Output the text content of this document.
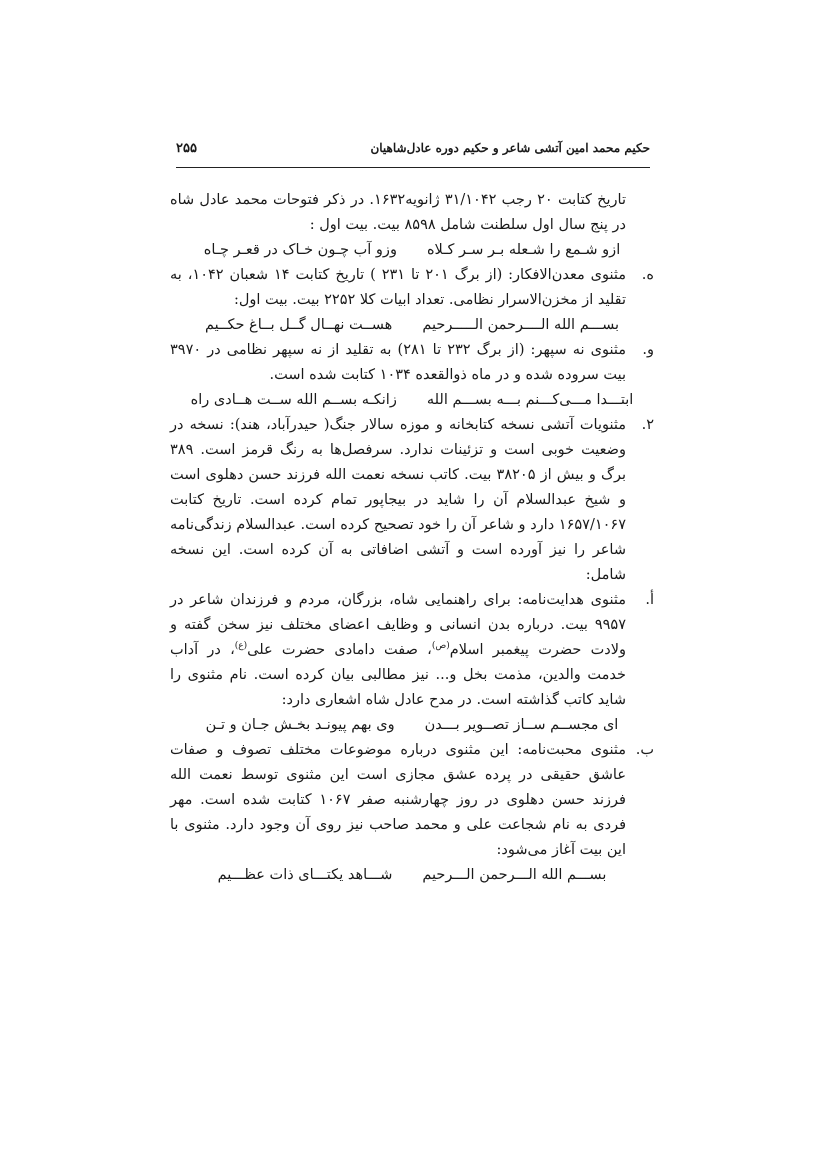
حکیم محمد امین آتشی شاعر و حکیم دوره عادل‌شاهیان
۲۵۵

تاریخ کتابت ۲۰ رجب ۳۱/۱۰۴۲ ژانویه۱۶۳۲. در ذکر فتوحات محمد عادل شاه در پنج سال اول سلطنت شامل ۸۵۹۸ بیت. بیت اول :

ازو شـمع را شـعله بـر سـر کـلاه
وزو آب چـون خـاک در قعـر چـاه
ه.

مثنوی معدن‌الافکار: (از برگ ۲۰۱ تا ۲۳۱ ) تاریخ کتابت ۱۴ شعبان ۱۰۴۲، به تقلید از مخزن‌الاسرار نظامی. تعداد ابیات کلا ۲۲۵۲ بیت. بیت اول:

بســـم الله الــــرحمن الـــــرحیم
هســت نهــال گــل بــاغ حکــیم
و.

مثنوی نه سپهر: (از برگ ۲۳۲ تا ۲۸۱) به تقلید از نه سپهر نظامی در ۳۹۷۰ بیت سروده شده و در ماه ذوالقعده ۱۰۳۴ کتابت شده است.

ابتـــدا مـــی‌کـــنم بـــه بســـم الله
زانکـه بســم الله ســت هــادی راه
۲.

مثنویات آتشی نسخه کتابخانه و موزه سالار جنگ( حیدرآباد، هند): نسخه در وضعیت خوبی است و تزئینات ندارد. سرفصل‌ها به رنگ قرمز است. ۳۸۹ برگ و بیش از ۳۸۲۰۵ بیت. کاتب نسخه نعمت الله فرزند حسن دهلوی است و شیخ عبدالسلام آن را شاید در بیجاپور تمام کرده است. تاریخ کتابت ۱۶۵۷/۱۰۶۷ دارد و شاعر آن را خود تصحیح کرده است. عبدالسلام زندگی‌نامه شاعر را نیز آورده است و آتشی اضافاتی به آن کرده است. این نسخه شامل:

أ.

مثنوی هدایت‌نامه: برای راهنمایی شاه، بزرگان، مردم و فرزندان شاعر در ۹۹۵۷ بیت. درباره بدن انسانی و وظایف اعضای مختلف نیز سخن گفته و ولادت حضرت پیغمبر اسلام$^{(ص)}$، صفت دامادی حضرت علی$^{(ع)}$، در آداب خدمت والدین، مذمت بخل و... نیز مطالبی بیان کرده است. نام مثنوی را شاید کاتب گذاشته است. در مدح عادل شاه اشعاری دارد:

ای مجســم ســاز تصــویر بـــدن
وی بهم پیونـد بخـش جـان و تـن
ب.

مثنوی محبت‌نامه: این مثنوی درباره موضوعات مختلف تصوف و صفات عاشق حقیقی در پرده عشق مجازی است این مثنوی توسط نعمت الله فرزند حسن دهلوی در روز چهارشنبه صفر ۱۰۶۷ کتابت شده است. مهر فردی به نام شجاعت علی و محمد صاحب نیز روی آن وجود دارد. مثنوی با این بیت آغاز می‌شود:

بســـم الله الـــرحمن الـــرحیم
شـــاهد یکتـــای ذات عظـــیم
